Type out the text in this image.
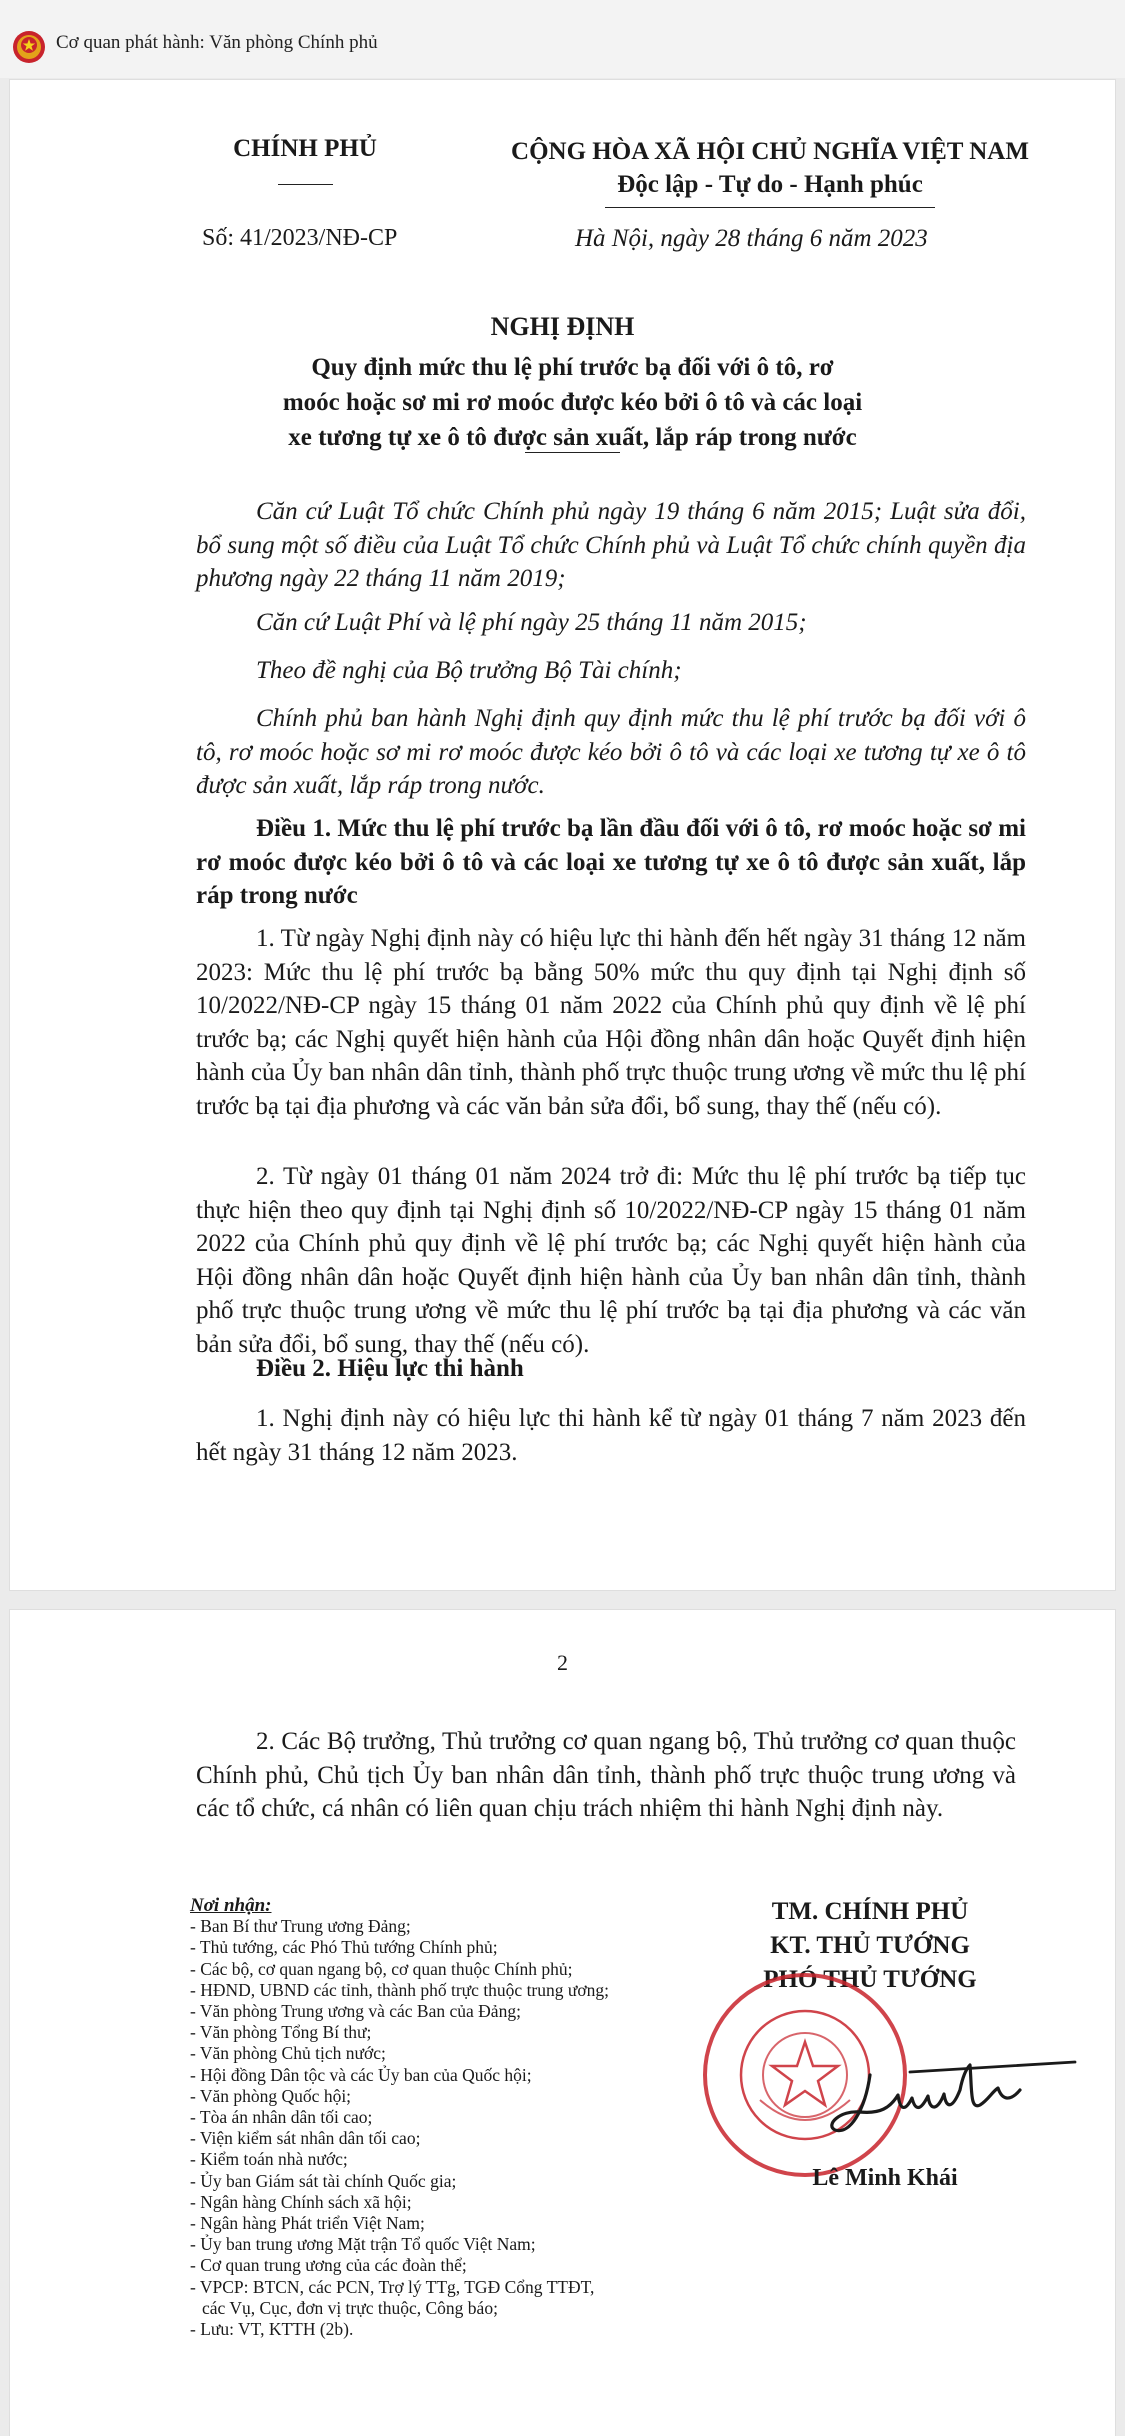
Cơ quan phát hành: Văn phòng Chính phủ
CHÍNH PHỦ	CỘNG HÒA XÃ HỘI CHỦ NGHĨA VIỆT NAM
Độc lập - Tự do - Hạnh phúc
Số: 41/2023/NĐ-CP	Hà Nội, ngày 28 tháng 6 năm 2023
NGHỊ ĐỊNH
Quy định mức thu lệ phí trước bạ đối với ô tô, rơ moóc hoặc sơ mi rơ moóc được kéo bởi ô tô và các loại xe tương tự xe ô tô được sản xuất, lắp ráp trong nước
Căn cứ Luật Tổ chức Chính phủ ngày 19 tháng 6 năm 2015; Luật sửa đổi, bổ sung một số điều của Luật Tổ chức Chính phủ và Luật Tổ chức chính quyền địa phương ngày 22 tháng 11 năm 2019;
Căn cứ Luật Phí và lệ phí ngày 25 tháng 11 năm 2015;
Theo đề nghị của Bộ trưởng Bộ Tài chính;
Chính phủ ban hành Nghị định quy định mức thu lệ phí trước bạ đối với ô tô, rơ moóc hoặc sơ mi rơ moóc được kéo bởi ô tô và các loại xe tương tự xe ô tô được sản xuất, lắp ráp trong nước.
Điều 1. Mức thu lệ phí trước bạ lần đầu đối với ô tô, rơ moóc hoặc sơ mi rơ moóc được kéo bởi ô tô và các loại xe tương tự xe ô tô được sản xuất, lắp ráp trong nước
1. Từ ngày Nghị định này có hiệu lực thi hành đến hết ngày 31 tháng 12 năm 2023: Mức thu lệ phí trước bạ bằng 50% mức thu quy định tại Nghị định số 10/2022/NĐ-CP ngày 15 tháng 01 năm 2022 của Chính phủ quy định về lệ phí trước bạ; các Nghị quyết hiện hành của Hội đồng nhân dân hoặc Quyết định hiện hành của Ủy ban nhân dân tỉnh, thành phố trực thuộc trung ương về mức thu lệ phí trước bạ tại địa phương và các văn bản sửa đổi, bổ sung, thay thế (nếu có).
2. Từ ngày 01 tháng 01 năm 2024 trở đi: Mức thu lệ phí trước bạ tiếp tục thực hiện theo quy định tại Nghị định số 10/2022/NĐ-CP ngày 15 tháng 01 năm 2022 của Chính phủ quy định về lệ phí trước bạ; các Nghị quyết hiện hành của Hội đồng nhân dân hoặc Quyết định hiện hành của Ủy ban nhân dân tỉnh, thành phố trực thuộc trung ương về mức thu lệ phí trước bạ tại địa phương và các văn bản sửa đổi, bổ sung, thay thế (nếu có).
Điều 2. Hiệu lực thi hành
1. Nghị định này có hiệu lực thi hành kể từ ngày 01 tháng 7 năm 2023 đến hết ngày 31 tháng 12 năm 2023.
2
2. Các Bộ trưởng, Thủ trưởng cơ quan ngang bộ, Thủ trưởng cơ quan thuộc Chính phủ, Chủ tịch Ủy ban nhân dân tỉnh, thành phố trực thuộc trung ương và các tổ chức, cá nhân có liên quan chịu trách nhiệm thi hành Nghị định này.
Nơi nhận:
- Ban Bí thư Trung ương Đảng;
- Thủ tướng, các Phó Thủ tướng Chính phủ;
- Các bộ, cơ quan ngang bộ, cơ quan thuộc Chính phủ;
- HĐND, UBND các tỉnh, thành phố trực thuộc trung ương;
- Văn phòng Trung ương và các Ban của Đảng;
- Văn phòng Tổng Bí thư;
- Văn phòng Chủ tịch nước;
- Hội đồng Dân tộc và các Ủy ban của Quốc hội;
- Văn phòng Quốc hội;
- Tòa án nhân dân tối cao;
- Viện kiểm sát nhân dân tối cao;
- Kiểm toán nhà nước;
- Ủy ban Giám sát tài chính Quốc gia;
- Ngân hàng Chính sách xã hội;
- Ngân hàng Phát triển Việt Nam;
- Ủy ban trung ương Mặt trận Tổ quốc Việt Nam;
- Cơ quan trung ương của các đoàn thể;
- VPCP: BTCN, các PCN, Trợ lý TTg, TGĐ Cổng TTĐT,
các Vụ, Cục, đơn vị trực thuộc, Công báo;
- Lưu: VT, KTTH (2b).
TM. CHÍNH PHỦ
KT. THỦ TƯỚNG
PHÓ THỦ TƯỚNG
Lê Minh Khái
